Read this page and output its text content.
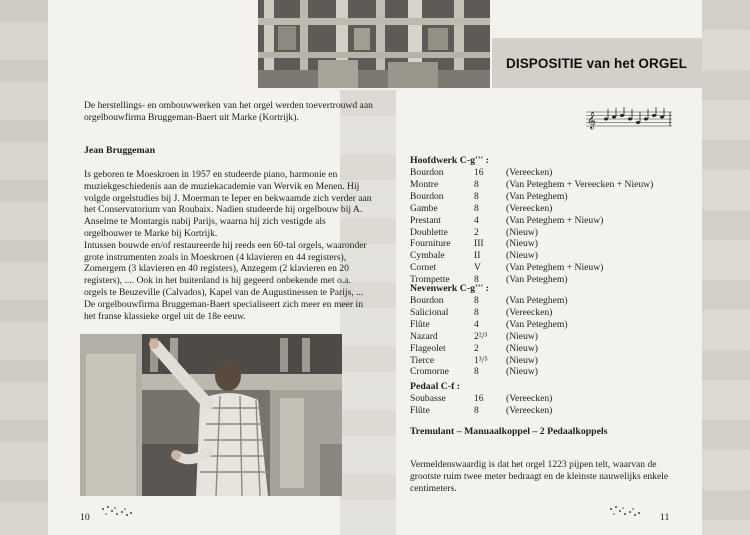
DISPOSITIE van het ORGEL
𝄞

De herstellings- en ombouwwerken van het orgel werden toevertrouwd aan orgelbouwfirma Bruggeman-Baert uit Marke (Kortrijk).

Jean Bruggeman

Is geboren te Moeskroen in 1957 en studeerde piano, harmonie en muziekgeschiedenis aan de muziekacademie van Wervik en Menen. Hij volgde orgelstudies bij J. Moerman te Ieper en bekwaamde zich verder aan het Conservatorium van Roubaix. Nadien studeerde hij orgelbouw bij A. Anselme te Montargis nabij Parijs, waarna hij zich vestigde als orgelbouwer te Marke bij Kortrijk.

Intussen bouwde en/of restaureerde hij reeds een 60-tal orgels, waaronder grote instrumenten zoals in Moeskroen (4 klavieren en 44 registers), Zomergem (3 klavieren en 40 registers), Anzegem (2 klavieren en 20 registers), .... Ook in het buitenland is hij gegeerd onbekende met o.a. orgels te Beuzeville (Calvados), Kapel van de Augustinessen te Parijs, ...

De orgelbouwfirma Bruggeman-Baert specialiseert zich meer en meer in het franse klassieke orgel uit de 18e eeuw.

10
Hoofdwerk C-g''' :
Bourdon	16 (Vereecken)
Montre	8	(Van Peteghem + Vereecken + Nieuw)
Bourdon	8	(Van Peteghem)
Gambe	8	(Vereecken)
Prestant	4	(Van Peteghem + Nieuw)
Doublette	2	(Nieuw)
Fourniture III (Nieuw)
Cymbale	II	(Nieuw)
Cornet	V	(Van Peteghem + Nieuw)
Trompette	8	(Van Peteghem)
Nevenwerk C-g''' :
Bourdon	8	(Van Peteghem)
Salicional	8	(Vereecken)
Flûte	4	(Van Peteghem)
Nazard	2²/³ (Nieuw)
Flageolet	2	(Nieuw)
Tierce	1³/⁵ (Nieuw)
Cromorne	8	(Nieuw)
Pedaal C-f :
Soubasse	16 (Vereecken)
Flûte	8	(Vereecken)
Tremulant – Manuaalkoppel – 2 Pedaalkoppels

Vermeldenswaardig is dat het orgel 1223 pijpen telt, waarvan de grootste ruim twee meter bedraagt en de kleinste nauwelijks enkele centimeters.

11
